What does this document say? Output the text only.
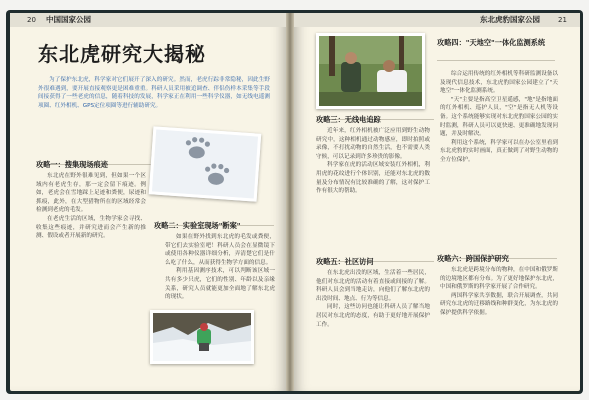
20 中国国家公园	东北虎豹国家公园	21
东北虎研究大揭秘

为了保护东北虎，科学家对它们展开了深入的研究。然而，老虎行踪非常隐秘，因此生野外很难遇到，要开展直接观察更是困难重重。科研人员采用被追调查、伴侣伤样本采集等手段间接获得了一些老虎的信息，随着科技的发展，科学家正在利用一些科学仪器，如无线电遥测项圈、红外相机、GPS定位项圈等进行辅助研究。

攻略一：搜集现场痕迹

东北虎在野外很难见到，但如果一个区域内有老虎生存，那一定会留下痕迹。例如，老虎会在雪地踩上足迹和粪便，尿迹和抓痕，此外，在大型猎物所在的区域经常会检测到老虎的毛发。

在老虎生活的区域，生物学家会寻找、收集这些痕迹，并研究进而会产生新的推测、假设或者开展新的研究。

攻略二：实验室现场"断案"

如果在野外找到东北虎的毛发或粪便，带它们去实验室吧！科研人员会在显微镜下或使用各种仪器详细分析，弄清楚它们是什么吃了什么，从而获得生物学方面的信息。

利用基因测序技术，可以判断该区域一共有多少只虎，它们的性别、年龄以及亲缘关系，研究人员就能更加全面地了解东北虎的现状。

攻略三：无线电追踪

近年来，红外相机被广泛应用到野生动物研究中，这种相机通过动物感应，即时拍照或录像，不打扰动物的自然生活，也不需要人类守候，可以记录到许多珍贵的影像。

科学家在虎的活动区域安装红外相机，利用虎的花纹进行个体识别，还能对东北虎的数量及分布情况有比较准确的了解，这对保护工作有很大的帮助。

攻略四："天地空"一体化监测系统

综合运用传统的红外相机等科研监测设备以及现代信息技术，东北虎豹国家公园建立了"天地空"一体化监测系统。

"天"主要是指高空卫星遥感，"地"是指地面的红外相机、巡护人员，"空"是指无人机等设备。这个系统能够实现对东北虎豹国家公园的实时监测，科研人员可以更快速、更准确地发现问题，并及时解决。

利用这个系统，科学家可以在办公室里看到东北虎豹的实时画面，真正做到了对野生动物的全方位保护。

攻略五：社区访问

在东北虎出没的区域，生活着一些居民，他们对东北虎的活动有着直接或间接的了解。科研人员会到当地走访，向他们了解东北虎的出没时间、地点、行为等信息。

同时，这些访问也能让科研人员了解当地居民对东北虎的态度，有助于更好地开展保护工作。

攻略六：跨国保护研究

东北虎是跨境分布的物种，在中国和俄罗斯的边境地区都有分布。为了更好地保护东北虎，中国和俄罗斯的科学家开展了合作研究。

两国科学家共享数据，联合开展调查，共同研究东北虎的迁移路线和种群变化，为东北虎的保护提供科学依据。
